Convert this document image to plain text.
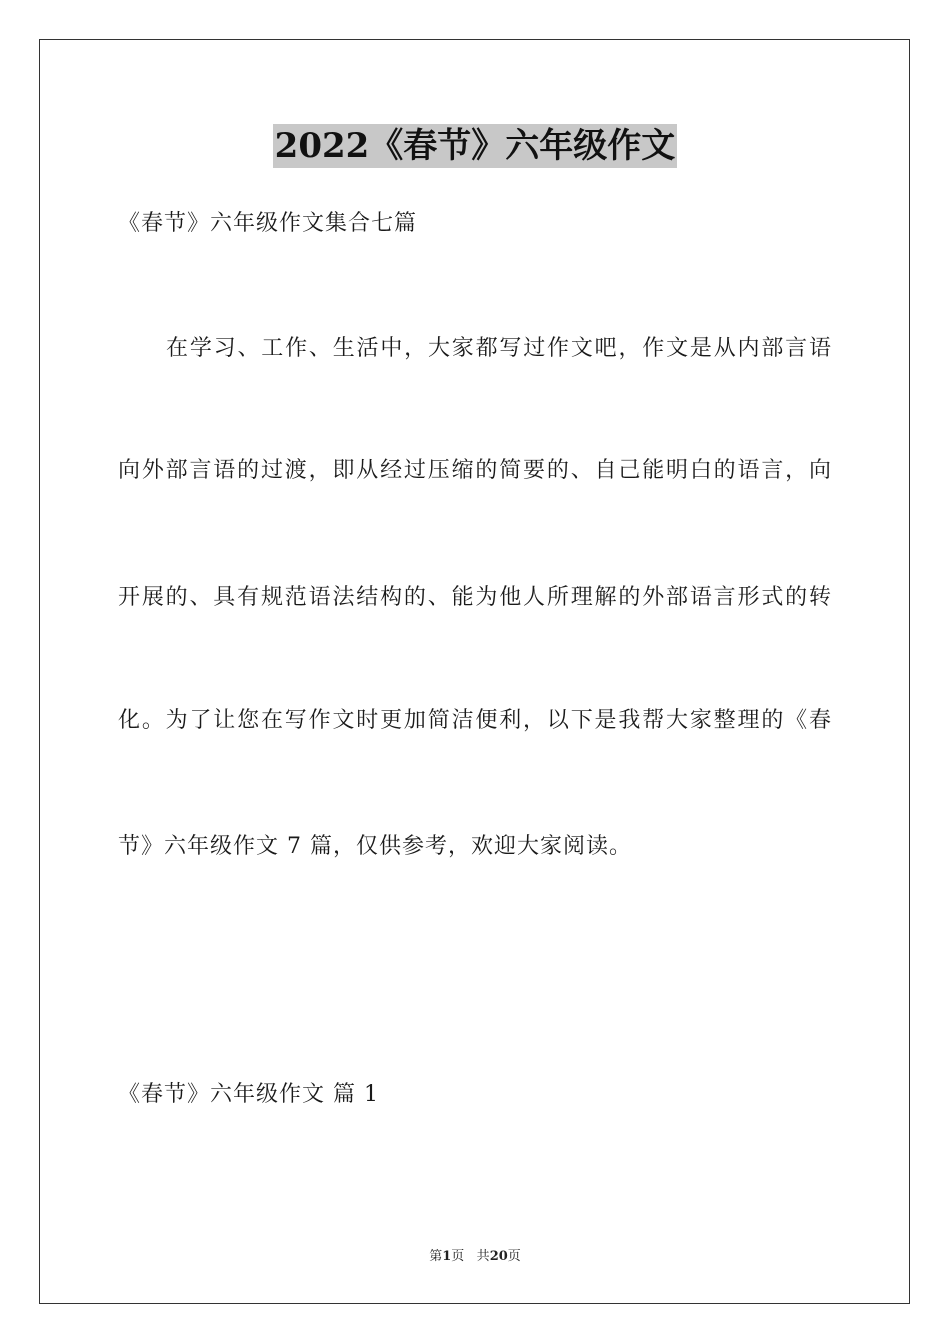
2022《春节》六年级作文
《春节》六年级作文集合七篇
在学习、工作、生活中，大家都写过作文吧，作文是从内部言语
向外部言语的过渡，即从经过压缩的简要的、自己能明白的语言，向
开展的、具有规范语法结构的、能为他人所理解的外部语言形式的转
化。为了让您在写作文时更加简洁便利，以下是我帮大家整理的《春
节》六年级作文 7 篇，仅供参考，欢迎大家阅读。
《春节》六年级作文 篇 1
第1页 共20页
